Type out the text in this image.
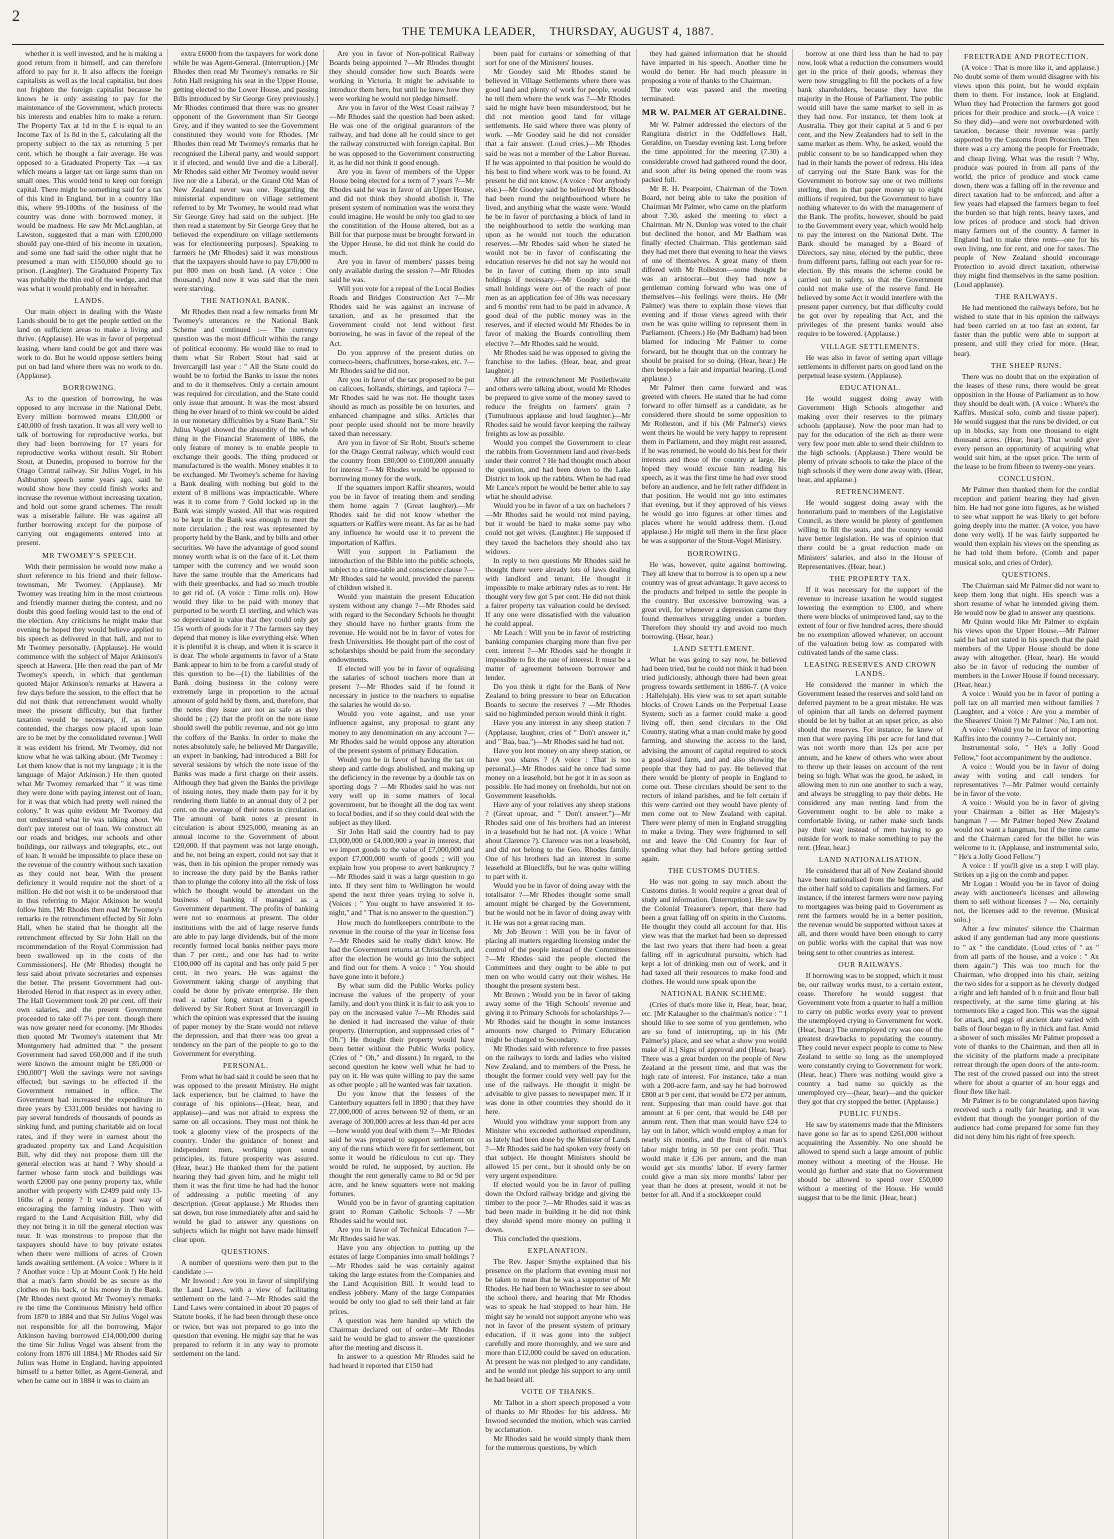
2
THE TEMUKA LEADER, THURSDAY, AUGUST 4, 1887.

whether it is well invested, and he is making a good return from it himself, and can therefore afford to pay for it. It also affects the foreign capitalists as well as the local capitalist, but does not frighten the foreign capitalist because he knows he is only assisting to pay for the maintenance of the Government, which protects his interests and enables him to make a return. The Property Tax at 1d in the £ is equal to an Income Tax of 1s 8d in the £, calculating all the property subject to the tax as returning 5 per cent, which he thought a fair average. He was opposed to a Graduated Property Tax —a tax which means a larger tax on large sums than on small ones. This would tend to keep out foreign capital. There might be something said for a tax of this kind in England, but in a country like this, where 99-100ths of the business of the country was done with borrowed money, it would be madness. He saw Mr McLaughlan, at Lawston, suggested that a man with £200,000 should pay one-third of his income in taxation, and some one had said the other night that he presumed a man with £150,000 should go to prison. (Laughter). The Graduated Property Tax was probably the thin end of the wedge, and that was what it would probably end in hereafter.

LANDS.

Our main object in dealing with the Waste Lands should be to get the people settled on the land on sufficient areas to make a living and thrive. (Applause). He was in favor of perpetual leasing, where land could be got and there was work to do. But he would oppose settlers being put on bad land where there was no work to do. (Applause).

BORROWING.

As to the question of borrowing, he was opposed to any increase in the National Debt. Every million borrowed means £30,000 or £40,000 of fresh taxation. It was all very well to talk of borrowing for reproductive works, but they had been borrowing for 17 years for reproductive works without result. Sir Robert Stout, at Dunedin, proposed to borrow for the Otago Central railway. Sir Julius Vogel, in his Ashburton speech some years ago, said he would show how they could finish works and increase the revenue without increasing taxation, and hold out some grand schemes. The result was a miserable failure. He was against all further borrowing except for the purpose of carrying out engagements entered into at present.

MR TWOMEY'S SPEECH.

With their permission he would now make a short reference to his friend and their fellow-townsman, Mr Twomey. (Applause). Mr Twomey was treating him in the most courteous and friendly manner during the contest, and no doubt this good feeling would last to the end of the election. Any criticisms he might make that evening he hoped they would believe applied to his speech as delivered in that hall, and not to Mr Twomey personally. (Applause). He would commence with the subject of Major Atkinson's speech at Hawera. [He then read the part of Mr Twomey's speech, in which that gentleman quoted Major Atkinson's remarks at Hawera a few days before the session, to the effect that he did not think that retrenchment would wholly meet the present difficulty, but that further taxation would be necessary, if, as some contended, the charges now placed upon loan are to be met by the consolidated revenue.] Well it was evident his friend, Mr Twomey, did not know what he was talking about. (Mr Twomey : Let them know that is not my language ; it is the language of Major Atkinson.) He then quoted what Mr Twomey remarked that " it was time they were done with paying interest out of loan, for it was that which had pretty well ruined the colony." It was quite evident Mr Twomey did not understand what he was talking about. We don't pay interest out of loan. We construct all our roads and bridges, our schools and other buildings, our railways and telegraphs, etc., out of loan. It would be impossible to place these on the revenue of the country without such taxation as they could not bear. With the present deficiency it would require not the short of a million. He did not wish it to be understood that in thus referring to Major Atkinson he would follow him. [Mr Rhodes then read Mr Twomey's remarks re the retrenchment effected by Sir John Hall, when he stated that he thought all the retrenchment effected by Sir John Hall on the recommendation of the Royal Commission had been swallowed up in the costs of the Commissioners]. He (Mr Rhodes) thought he less said about private secretaries and expenses the better. The present Government had out-Heroded Herod in that respect as in every other. The Hall Government took 20 per cent. off their own salaries, and the present Government proceeded to take off 7½ per cent. though there was now greater need for economy. [Mr Rhodes then quoted Mr Twomey's statement that Mr Montgomery had admitted that " the present Government had saved £60,000 and if the truth were known the amount might be £85,000 or £90,000"] Well the savings were not savings effected; but savings to be effected if the Government remained in office. The Government had increased the expenditure in three years by £331,000 besides not having to pay several hundreds of thousands of pounds as sinking fund, and putting charitable aid on local rates, and if they were in earnest about the graduated property tax and Land Acquisition Bill, why did they not propose them till the general election was at hand ? Why should a farmer whose farm stock and buildings was worth £2000 pay one penny property tax, while another with property with £2499 paid only 13-16ths of a penny ? It was a poor way of encouraging the farming industry. Then with regard to the Land Acquisition Bill, why did they not bring it in till the general election was near. It was monstrous to propose that the taxpayers should have to buy private estates when there were millions of acres of Crown lands awaiting settlement. (A voice : Where is it ? Another voice : Up at Mount Cook !) He held that a man's farm should be as secure as the clothes on his back, or his money in the Bank. [Mr Rhodes next quoted Mr Twomey's remarks re the time the Continuous Ministry held office from 1870 to 1884 and that Sir Julius Vogel was not responsible for all the borrowing, Major Atkinson having borrowed £14,000,000 during the time Sir Julius Vogel was absent from the colony from 1876 till 1884.] Mr Rhodes said Sir Julius was Home in England, having appointed himself to a better billet, as Agent-General, and when he came out in 1884 it was to claim an

extra £6000 from the taxpayers for work done while he was Agent-General. (Interruption.) [Mr Rhodes then read Mr Twomey's remarks re Sir John Hall resigning his seat in the Upper House, getting elected to the Lower House, and passing Bills introduced by Sir George Grey previously.] Mr Rhodes continued that there was no greater opponent of the Government than Sir George Grey, and if they wanted to see the Government constituted they would vote for Rhodes. [Mr Rhodes then read Mr Twomey's remarks that he recognised the Liberal party, and would support it if elected, and would live and die a Liberal]. Mr Rhodes said either Mr Twomey would never live nor die a Liberal, or the Grand Old Man of New Zealand never was one. Regarding the ministerial expenditure on village settlement referred to by Mr Twomey, he would read what Sir George Grey had said on the subject. [He then read a statement by Sir George Grey that he believed the expenditure on village settlements was for electioneering purposes]. Speaking to farmers he (Mr Rhodes) said it was monstrous that the taxpayers should have to pay £70,000 to put 800 men on bush land. (A voice : One thousand.) And now it was said that the men were starving.

THE NATIONAL BANK.

Mr Rhodes then read a few remarks from Mr Twomey's utterances re the National Bank Scheme and continued :— The currency question was the most difficult within the range of political economy. He would like to read to them what Sir Robert Stout had said at Invercargill last year : " All the State could do would be to forbid the Banks to issue the notes and to do it themselves. Only a certain amount was required for circulation, and the State could only issue that amount. It was the most absurd thing he ever heard of to think we could be aided in our monetary difficulties by a State Bank." Sir Julius Vogel showed the absurdity of the whole thing in the Financial Statement of 1886, the only feature of money is to enable people to exchange their goods. The thing produced or manufactured is the wealth. Money enables it to be exchanged. Mr Twomey's scheme for having a Bank dealing with nothing but gold to the extent of 8 millions was impracticable. Where was it to come from ? Gold locked up in the Bank was simply wasted. All that was required to be kept in the Bank was enough to meet the note circulation ; the rest was represented by property held by the Bank, and by bills and other securities. We have the advantage of good sound money worth what is on the face of it. Let them tamper with the currency and we would soon have the same trouble that the Americans had with their greenbacks, and had so much trouble to get rid of. (A voice : Time rolls on). How would they like to be paid with money that purported to be worth £1 sterling, and which was so depreciated in value that they could only get 15s worth of goods for it ? The farmers say they depend that money is like everything else. When it is plentiful it is cheap, and when it is scarce it is dear. The whole arguments in favor of a State Bank appear to him to be from a careful study of this question to be—(1) the liabilities of the Bank doing business in the colony were extremely large in proportion to the actual amount of gold held by them, and, therefore, that the notes they issue are not as safe as they should be ; (2) that the profit on the note issue should swell the public revenue, and not go into the coffers of the Banks. In order to make the notes absolutely safe, he believed Mr Dargaville, an expert in banking, had introduced a Bill for several sessions by which the note issue of the Banks was made a first charge on their assets. Although they had given the Banks the privilege of issuing notes, they made them pay for it by rendering them liable to an annual duty of 2 per cent. on the average of their notes in circulation. The amount of bank notes at present in circulation is about £925,000, meaning as an annual income to the Government of about £20,000. If that payment was not large enough, and he, not being an expert, could not say that it was, then in his opinion the proper remedy was to increase the duty paid by the Banks rather than to plunge the colony into all the risk of loss which he thought would be attendant on the business of banking if managed as a Government department. The profits of banking were not so enormous at present. The older institutions with the aid of large reserve funds are able to pay large dividends, but of the more recently formed local banks neither pays more than 7 per cent., and one has had to write £100,000 off its capital and has only paid 5 per cent. in two years. He was against the Government taking charge of anything that could be done by private enterprise. He then read a rather long extract from a speech delivered by Sir Robert Stout at Invercargill in which the opinion was expressed that the issuing of paper money by the State would not relieve the depression, and that there was too great a tendency on the part of the people to go to the Government for everything.

PERSONAL.

From what he had said it could be seen that he was opposed to the present Ministry. He might lack experience, but he claimed to have the courage of his opinions—(Hear, hear, and applause)—and was not afraid to express the same on all occasions. They must not think he took a gloomy view of the prospects of the country. Under the guidance of honest and independent men, working upon sound principles, its future prosperity was assured. (Hear, hear.) He thanked them for the patient hearing they had given him, and he might tell them it was the first time he had had the honor of addressing a public meeting of any description. (Great applause.) Mr Rhodes then sat down, but rose immediately after and said he would be glad to answer any questions on subjects which he might not have made himself clear upon.

QUESTIONS.

A number of questions were then put to the candidate :—

Mr Inwood : Are you in favor of simplifying the Land Laws, with a view of facilitating settlement on the land ?—Mr Rhodes said the Land Laws were contained in about 20 pages of Statute books, if he had been through these once or twice, but was not prepared to go into the question that evening. He might say that he was prepared to reform it in any way to promote settlement on the land.

Are you in favor of Non-political Railway Boards being appointed ?—Mr Rhodes thought they should consider how such Boards were working in Victoria. It might be advisable to introduce them here, but until he knew how they were working he would not pledge himself.

Are you in favor of the West Coast railway ?—Mr Rhodes said the question had been asked. He was one of the original guarantors of the railway, and had done all he could since to get the railway constructed with foreign capital. But he was opposed to the Government constructing it, as he did not think it good enough.

Are you in favor of members of the Upper House being elected for a term of 7 years ?—Mr Rhodes said he was in favor of an Upper House, and did not think they should abolish it. The present system of nomination was the worst they could imagine. He would be only too glad to see the constitution of the House altered, but as a Bill for that purpose must be brought forward in the Upper House, he did not think he could do much.

Are you in favor of members' passes being only available during the session ?—Mr Rhodes said he was.

Will you vote for a repeal of the Local Bodies Roads and Bridges Construction Act ?—Mr Rhodes said he was against an increase of taxation, and as he presumed that the Government could not lend without first borrowing, he was in favor of the repeal of the Act.

Do you approve of the present duties on corneco-beers, chaffcutters, horse-rakes, etc. ?—Mr Rhodes said he did not.

Are you in favor of the tax proposed to be put on calicoes, hollands, shirtings, and tapioca ?—Mr Rhodes said he was not. He thought taxes should as much as possible be on luxuries, and enhanced champagne and silks. Articles that poor people used should not be more heavily taxed than necessary.

Are you in favor of Sir Robt. Stout's scheme for the Otago Central railway, which would cost the country from £80,000 to £100,000 annually for interest ?—Mr Rhodes would be opposed to borrowing money for the work.

If the squatters import Kaffir shearers, would you be in favor of treating them and sending them home again ? (Great laughter).—Mr Rhodes said he did not know whether the squatters or Kaffirs were meant. As far as he had any influence he would use it to prevent the importation of Kaffirs.

Will you support in Parliament the introduction of the Bible into the public schools, subject to a time-table and conscience clause ?—Mr Rhodes said he would, provided the parents of children wished it.

Would you maintain the present Education system without any change ?—Mr Rhodes said with regard to the Secondary Schools he thought they should have no further grants from the revenue. He would not be in favor of votes for fresh Universities. He thought part of the cost of scholarships should be paid from the secondary endowments.

If elected will you be in favor of equalising the salaries of school teachers more than at present ?—Mr Rhodes said if he found it necessary in justice to the teachers to equalise the salaries he would do so.

Would you vote against, and use your influence against, any proposal to grant any money to any denomination on any account ?—Mr Rhodes said he would oppose any alteration of the present system of primary Education.

Would you be in favor of having the tax on sheep and cattle dogs abolished, and making up the deficiency in the revenue by a double tax on sporting dogs ? —Mr Rhodes said he was not very well up in some matters of local government, but he thought all the dog tax went to local bodies, and if so they could deal with the subject as they liked.

Sir John Hall said the country had to pay £3,000,000 or £4,000,000 a year in interest, that we import goods to the value of £7,000,000 and export £7,000,000 worth of goods ; will you explain how you propose to avert bankruptcy ?—Mr Rhodes said it was a large question to go into. If they sent him to Wellington he would spend the next three years trying to solve it. (Voices : " You ought to have answered it to-night," and " That is no answer to the question.")

How much do hotelkeepers contribute to the revenue in the course of the year in license fees ?—Mr Rhodes said he really didn't know. He had the Government returns at Christchurch, and after the election he would go into the subject and find out for them. A voice : " You should have gone into it before.)

By what sum did the Public Works policy increase the values of the property of your family, and don't you think it is fair to ask you to pay on the increased value ?—Mr Rhodes said he denied it had increased the value of their property. (Interruption, and suppressed cries of " Oh.") He thought their property would have been better without the Public Works policy. (Cries of " Oh," and dissent.) In regard, to the second question he knew well what he had to pay on it. He was quite willing to pay the same as other people ; all he wanted was fair taxation.

Do you know that the lessees of the Canterbury squatters fell in 1890 ; that they have 27,000,000 of acres between 92 of them, or an average of 300,000 acres at less than 4d per acre—how would you deal with them ?—Mr Rhodes said he was prepared to support settlement on any of the runs which were fit for settlement, but some it would be ridiculous to cut up. They would be ruled, he supposed, by auction. He thought the rent generally came to 8d or 9d per acre, and he knew squatters were not making fortunes.

Would you be in favor of granting capitation grant to Roman Catholic Schools ? —Mr Rhodes said he would not.

Are you in favor of Technical Education ?—Mr Rhodes said he was.

Have you any objection to putting up the estates of large Companies into small holdings ?—Mr Rhodes said he was certainly against taking the large estates from the Companies and the Land Acquisition Bill. It would lead to endless jobbery. Many of the large Companies would be only too glad to sell their land at fair prices.

A question was here handed up which the Chairman declared out of order—Mr Rhodes said he would be glad to answer the questioner after the meeting and discuss it.

In answer to a question Mr Rhodes said he had heard it reported that £150 had

been paid for curtains or something of that sort for one of the Ministers' houses.

Mr Goodey said Mr Rhodes stated he believed in Village Settlements where there was good land and plenty of work for people, would he tell them where the work was ?—Mr Rhodes said he might have been misunderstood, but he did not mention good land for village settlements. He said where there was plenty of work. —Mr Goodey said he did not consider that a fair answer. (Loud cries.)—Mr Rhodes said he was not a member of the Labor Bureau. If he was appointed to that position he would do his best to find where work was to be found. At present he did not know. (A voice : Nor anybody else.)—Mr Goodey said he believed Mr Rhodes had been round the neighbourhood where he lived, and anything what the waste were. Would he be in favor of purchasing a block of land in the neighbourhood to settle the working man upon as he would not touch the education reserves.—Mr Rhodes said when he stated he would not be in favor of confiscating the education reserves he did not say he would not be in favor of cutting them up into small holdings if necessary.—Mr Goodey said the small holdings were out of the reach of poor men as an application fee of 30s was necessary and 6 months' rent had to be paid in advance. A good deal of the public money was in the reserves, and if elected would Mr Rhodes be in favor of making the Boards controlling them elective ?—Mr Rhodes said he would.

Mr Rhodes said he was opposed to giving the franchise to the ladies. (Hear, hear, and great laughter.)

After all the retrenchment Mr Postlethwaite and others were talking about, would Mr Rhodes be prepared to give some of the money saved to reduce the freights on farmers' grain ? (Tumultuous applause and loud laughter.)—Mr Rhodes said he would favor keeping the railway freights as low as possible.

Would you compel the Government to clear the rabbits from Government land and river-beds under their control ? He had thought much about the question, and had been down to the Lake District to look up the rabbits. When he had read Mr Lance's report he would be better able to say what he should advise.

Would you be in favor of a tax on bachelors ?—Mr Rhodes said he would not mind paying, but it would be hard to make some pay who could not get wives. (Laughter.) He supposed if they taxed the bachelors they should also tax widows.

In reply to two questions Mr Rhodes said he thought there were already lots of laws dealing with landlord and tenant. He thought it impossible to make arbitrary rules as to rent. He thought very few got 5 per cent. He did not think a fairer property tax valuation could be devised. If any one were dissatisfied with the valuation he could appeal.

Mr Leach : Will you be in favor of restricting banking companies charging more than five per cent. interest ?—Mr Rhodes said he thought it impossible to fix the rate of interest. It must be a matter of agreement between borrower and lender.

Do you think it right for the Bank of New Zealand to bring pressure to bear on Education Boards to secure the reserves ? —Mr Rhodes said no highminded person would think it right.

Have you any interest in any sheep station ? (Applause, laughter, cries of " Don't answer it," and " Baa, baa.")—Mr Rhodes said he had not.

Have you lent money on any sheep station, or have you shares ? (A voice : That is too personal.)—Mr Rhodes said he once had some money on a leasehold, but he got it in as soon as possible. He had money on freeholds, but not on Government leaseholds.

Have any of your relatives any sheep stations ? (Great uproar, and " Don't answer.")—Mr Rhodes said one of his brothers had an interest in a leasehold but he had not. (A voice : What about Clarence ?). Clarence was not a leasehold, and did not belong to the Geo. Rhodes family. One of his brothers had an interest in some leasehold at Bluecliffs, but he was quite willing to part with it.

Would you be in favor of doing away with the totalisator ?—Mr Rhodes thought some small amount might be charged by the Government, but he would not be in favor of doing away with it. He was not a great racing man.

Mr Job Brown : Will you be in favor of placing all matters regarding licensing under the control of the people instead of the Committees ?—Mr Rhodes said the people elected the Committees and they ought to be able to put men on who would carry out their wishes. He thought the present system best.

Mr Brown : Would you be in favor of taking away some of the 'High Schools' revenue and giving it to Primary Schools for scholarships ?—Mr Rhodes said he thought in some instances amounts now charged to Primary Education might be charged to Secondary.

Mr Rhodes said with reference to free passes on the railways to lords and ladies who visited New Zealand, and to members of the Press, he thought the former could very well pay for the use of the railways. He thought it might be advisable to give passes to newspaper men. If it was done in other countries they should do it here.

Would you withdraw your support from any Minister who exceeded authorised expenditure, as lately had been done by the Minister of Lands ?—Mr Rhodes said he had spoken very freely on that subject. He thought Ministers should be allowed 15 per cent., but it should only be on very urgent expenditure.

If elected would you be in favor of pulling down the Oxford railway bridge and giving the timber to the poor ?—Mr Rhodes said it was as bad been made in building it he did not think they should spend more money on pulling it down.

This concluded the questions.

EXPLANATION.

The Rev. Jasper Smythe explained that his presence on the platform that evening must not be taken to mean that he was a supporter of Mr Rhodes. He had been to Winchester to see about the school there, and hearing that Mr Rhodes was to speak he had stopped to hear him. He might say he would not support anyone who was not in favor of the present system of primary education, if it was gone into the subject carefully and more thoroughly, and we sure and more than £12,000 could be saved on education. At present he was not pledged to any candidate, and he would not pledge his support to any until he had heard all.

VOTE OF THANKS.

Mr Talbot in a short speech proposed a vote of thanks to Mr Rhodes for his address. Mr Inwood seconded the motion, which was carried by acclamation.

Mr Rhodes said he would simply thank them for the numerous questions, by which

they had gained information that he should have imparted in his speech. Another time he would do better. He had much pleasure in proposing a vote of thanks to the Chairman.

The vote was passed and the meeting terminated.

MR W. PALMER AT GERALDINE.

Mr W. Palmer addressed the electors of the Rangitata district in the Oddfellows Hall, Geraldine, on Tuesday evening last. Long before the time appointed for the meeting (7.30) a considerable crowd had gathered round the door, and soon after its being opened the room was packed full.

Mr R. H. Pearpoint, Chairman of the Town Board, not being able to take the position of Chairman Mr Palmer, who came on the platform about 7.30, asked the meeting to elect a Chairman. Mr N. Dunlop was voted to the chair but declined the honor, and Mr Badham was finally elected Chairman. This gentleman said they had met there that evening to hear the views of one of themselves. A great many of them differed with Mr Rolleston—some thought he was an aristocrat—but they had now a gentleman coming forward who was one of themselves—his feelings were theirs. He (Mr Palmer) was there to explain those views that evening and if those views agreed with their own he was quite willing to represent them in Parliament. (Cheers.) He (Mr Badham) had been blamed for inducing Mr Palmer to come forward, but he thought that on the contrary he should be praised for so doing. (Hear, hear.) He then bespoke a fair and impartial hearing. (Loud applause.)

Mr Palmer then came forward and was greeted with cheers. He stated that he had come forward to offer himself as a candidate, as he considered there should be some opposition to Mr Rolleston, and if his (Mr Palmer's) views went theirs he would be very happy to represent them in Parliament, and they might rest assured, if he was returned, he would do his best for their interests and those of the country at large. He hoped they would excuse him reading his speech, as it was the first time he had ever stood before an audience, and he felt rather diffident in that position. He would not go into estimates that evening, but if they approved of his views he would go into figures at other times and places where he would address them. (Loud applause.) He might tell them in the first place he was a supporter of the Stout-Vogel Ministry.

BORROWING.

He was, however, quite against borrowing. They all knew that to borrow is to open up a new country was of great advantage. It gave access to the products and helped to settle the people in the country. But excessive borrowing was a great evil, for whenever a depression came they found themselves struggling under a burden. Therefore they should try and avoid too much borrowing. (Hear, hear.)

LAND SETTLEMENT.

What he was going to say now, he believed had been tried, but he could not think it had been tried judiciously, although there had been great progress towards settlement in 1886-7. (A voice : Hallelujah). His view was to set apart suitable blocks of Crown Lands on the Perpetual Lease System, such as a farmer could make a good living off, then send circulars to the Old Country, stating what a man could make by good farming, and showing the access to the land, advising the amount of capital required to stock a good-sized farm, and and also showing the people that they had to pay. He believed that there would be plenty of people in England to come out. These circulars should be sent to the rectors of inland parishes, and he felt certain if this were carried out they would have plenty of men come out to New Zealand with capital. There were plenty of men in England struggling to make a living. They were frightened to sell out and leave the Old Country for fear of spending what they had before getting settled again.

THE CUSTOMS DUTIES.

He was not going to say much about the Customs duties. It would require a great deal of study and information. (Interruption). He saw by the Colonial Treasurer's report, that there had been a great falling off on spirits in the Customs. He thought they could all account for that. His view was that the market had been so depressed the last two years that there had been a great falling off in agricultural pursuits, which had kept a lot of drinking men out of work, and it had taxed all their resources to make food and clothes. He would now speak upon the

NATIONAL BANK SCHEME.

(Cries of that's more like it, Hear, hear, hear, etc. [Mr Kalaugher to the chairman's notice : " I should like to see some of you gentlemen, who are so fond of interrupting, up in his (Mr Palmer's) place, and see what a show you would make of it.] Signs of approval and (Hear, hear). There was a great burden on the people of New Zealand at the present time, and that was the high rate of interest. For instance, take a man with a 200-acre farm, and say he had borrowed £800 at 9 per cent, that would be £72 per annum, rent. Supposing that man could have got that amount at 6 per cent, that would be £48 per annum rent. Then that man would have £24 to lay out in labor, which would employ a man for nearly six months, and the fruit of that man's labor might bring in 50 per cent profit. That would make it £36 per annum, and the man would get six months' labor. If every farmer could give a man six more months' labor per year than he does at present, would it not be better for all. And if a stockkeeper could

borrow at one third less than he had to pay now, look what a reduction the consumers would get in the price of their goods, whereas they were now struggling to fill the pockets of a few bank shareholders, because they have the majority in the House of Parliament. The public would still have the same market to sell in as they had now. For instance, let them look at Australia. They got their capital at 5 and 6 per cent, and the New Zealanders had to sell in the same market as them. Why, he asked, would the public consent to be so handicapped when they had in their hands the power of redress. His idea of carrying out the State Bank was for the Government to borrow say one or two millions sterling, then in that paper money up to eight millions if required, but the Government to have nothing whatever to do with the management of the Bank. The profits, however, should be paid to the Government every year, which would help to pay the interest on the National Debt. The Bank should be managed by a Board of Directors, say nine, elected by the public, three from different parts, falling out each year for re-election. By this means the scheme could be carried out in safety, so that the Government could not make use of the reserve fund. He believed by some Act it would interfere with the present paper currency, but that difficulty could be got over by repealing that Act, and the privileges of the present banks would also require to be lowered. (Applause.)

VILLAGE SETTLEMENTS.

He was also in favor of setting apart village settlements in different parts on good land on the perpetual lease system. (Applause).

EDUCATIONAL.

He would suggest doing away with Government High Schools altogether and making over their reserves to the primary schools (applause). Now the poor man had to pay for the education of the rich as there were very few poor men able to send their children to the high schools. (Applause.) There would be plenty of private schools to take the place of the high schools if they were done away with. (Hear, hear, and applause.)

RETRENCHMENT.

He would suggest doing away with the honorarium paid to members of the Legislative Council, as there would be plenty of gentlemen willing to fill the seats, and the country would have better legislation. He was of opinion that there could be a great reduction made on Ministers' salaries, and also in the House of Representatives. (Hear, hear.)

THE PROPERTY TAX.

If it was necessary for the support of the revenue to increase taxation he would suggest lowering the exemption to £300, and where there were blocks of unimproved land, say to the extent of four or five hundred acres, there should be no exemption allowed whatever, on account of the valuation being low as compared with cultivated lands of the same class.

LEASING RESERVES AND CROWN LANDS.

He considered the manner in which the Government leased the reserves and sold land on deferred payment to be a great mistake. He was of opinion that all lands on deferred payment should be let by ballot at an upset price, as also should the reserves. For instance, he knew of men that were paying 18s per acre for land that was not worth more than 12s per acre per annum, and he knew of others who were about to throw up their leases on account of the rent being so high. What was the good, he asked, in allowing men to run one another to such a way, and always be struggling to pay their debts. He considered any man renting land from the Government ought to be able to make a comfortable living, or rather make such lands pay their way instead of men having to go outside for work to make something to pay the rent. (Hear, hear.)

LAND NATIONALISATION.

He considered that all of New Zealand should have been nationalised from the beginning, and the other half sold to capitalists and farmers. For instance, if the interest farmers were now paying to mortgagees was being paid to Government as rent the farmers would be in a better position, the revenue would be supported without taxes at all, and there would have been enough to carry on public works with the capital that was now being sent to other countries as interest.

OUR RAILWAYS.

If borrowing was to be stopped, which it must be, our railway works must, to a certain extent, cease. Therefore he would suggest that Government vote from a quarter to half a million to carry on public works every year to prevent the unemployed crying to Government for work. (Hear, hear.) The unemployed cry was one of the greatest drawbacks to populating the country. They could never expect people to come to New Zealand to settle so long as the unemployed were constantly crying to Government for work. (Hear, hear.) There was nothing would give a country a bad name so quickly as the unemployed cry—(hear, hear)—and the quicker they got that cry stopped the better. (Applause.)

PUBLIC FUNDS.

He saw by statements made that the Ministers have gone so far as to spend £261,000 without acquainting the Assembly. No one should be allowed to spend such a large amount of public money without a meeting of the House. He would go further and state that no Government should be allowed to spend over £50,000 without a meeting of the House. He would suggest that to be the limit. (Hear, hear.)

FREETRADE AND PROTECTION.

(A voice : That is more like it, and applause.) No doubt some of them would disagree with his views upon this point, but he would explain them to them. For instance, look at England. When they had Protection the farmers got good prices for their produce and stock.—(A voice : So they did)—and were not overburdened with taxation, because their revenue was partly supported by the Customs from Protection. Then there was a cry among the people for Freetrade, and cheap living. What was the result ? Why, produce was poured in from all parts of the world, the price of produce and stock came down, there was a falling off in the revenue and direct taxation had to be enforced, and after a few years had elapsed the farmers began to feel the burden so that high rents, heavy taxes, and low prices of produce and stock had driven many farmers out of the country. A farmer in England had to make three rents—one for his own living, one for rent, and one for taxes. The people of New Zealand should encourage Protection to avoid direct taxation, otherwise they might find themselves in the same position. (Loud applause).

THE RAILWAYS.

He had mentioned the railways before, but he wished to state that in his opinion the railways had been carried on at too fast an extent, far faster than the public were able to support at present, and still they cried for more. (Hear, hear).

THE SHEEP RUNS.

There was no doubt that on the expiration of the leases of these runs, there would be great opposition in the House of Parliament as to how they should be dealt with. (A voice : Where's the Kaffirs. Musical solo, comb and tissue paper). He would suggest that the runs be divided, or cut up in blocks, say from one thousand to eight thousand acres. (Hear, hear). That would give every person an opportunity of acquiring what would suit him, at the upset price. The term of the lease to be from fifteen to twenty-one years.

CONCLUSION.

Mr Palmer then thanked them for the cordial reception and patient hearing they had given him. He had not gone into figures, as he wished to see what support he was likely to get before going deeply into the matter. (A voice, you have done very well). If he was fairly supported he would then explain his views on the spending as he had told them before. (Comb and paper musical solo, and cries of Order).

QUESTIONS.

The Chairman said Mr Palmer did not want to keep them long that night. His speech was a short resume of what he intended giving them. He would now be glad to answer any questions.

Mr Quinn would like Mr Palmer to explain his views upon the Upper House.—Mr Palmer said he had not stated in his speech that the paid members of the Upper House should be done away with altogether. (Hear, hear). He would also be in favor of reducing the number of members in the Lower House if found necessary. (Hear, hear.)

A voice : Would you be in favor of putting a poll tax on all married men without families ? (Laughter, and a voice : Are you a member of the Shearers' Union ?) Mr Palmer : No, I am not.

A voice : Would you be in favor of importing Kaffirs into the country ?—Certainly not.

Instrumental solo, " He's a Jolly Good Fellow," foot accompaniment by the audience.

A voice : Would you be in favor of doing away with voting and call tenders for representatives ?—Mr Palmer would certainly be in favor of the vote.

A voice : Would you be in favor of giving your Chairman a billet as Her Majesty's hangman ? — Mr Palmer hoped New Zealand would not want a hangman, but if the time came and the Chairman cared for the billet he was welcome to it. (Applause, and instrumental solo, " He's a Jolly Good Fellow.")

A voice : If you'll give us a step I will play. Strikes up a jig on the comb and paper.

Mr Logan : Would you be in favor of doing away with auctioneer's licenses and allowing them to sell without licenses ? — No, certainly not, the licenses add to the revenue. (Musical solo.)

After a few minutes' silence the Chairman asked if any gentleman had any more questions to " ax " the candidate. (Loud cries of " ax " from all parts of the house, and a voice : " Ax them again.") This was too much for the Chairman, who dropped into his chair, seizing the two sides for a support as he cleverly dodged a right and left handed of h n fruit and flour ball respectively, at the same time glaring at his tormentors like a caged lion. This was the signal for attack, and eggs of ancient date varied with balls of flour began to fly in thick and fast. Amid a shower of such missiles Mr Palmer proposed a vote of thanks to the Chairman, and then all in the vicinity of the platform made a precipitate retreat through the open doors of the ante-room. The rest of the crowd passed out into the street where for about a quarter of an hour eggs and flour flew like hail.

Mr Palmer is to be congratulated upon having received such a really fair hearing, and it was evident that though the younger portion of the audience had come prepared for some fun they did not deny him his right of free speech.
